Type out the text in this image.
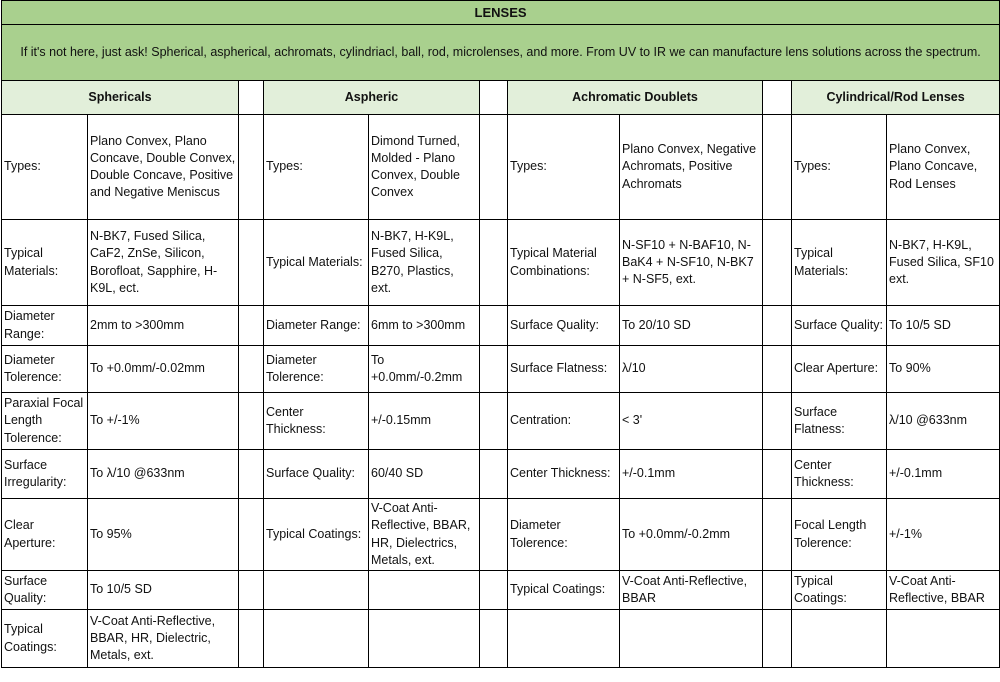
LENSES										
If it's not here, just ask! Spherical, aspherical, achromats, cylindriacl, ball, rod, microlenses, and more. From UV to IR we can manufacture lens solutions across the spectrum.										
Sphericals			Aspheric			Achromatic Doublets			Cylindrical/Rod Lenses	
Types:	Plano Convex, Plano Concave, Double Convex, Double Concave, Positive and Negative Meniscus		Types:	Dimond Turned, Molded - Plano Convex, Double Convex		Types:	Plano Convex, Negative Achromats, Positive Achromats		Types:	Plano Convex, Plano Concave, Rod Lenses
Typical Materials:	N-BK7, Fused Silica, CaF2, ZnSe, Silicon, Borofloat, Sapphire, H-K9L, ect.		Typical Materials:	N-BK7, H-K9L, Fused Silica, B270, Plastics, ext.		Typical Material Combinations:	N-SF10 + N-BAF10, N-BaK4 + N-SF10, N-BK7 + N-SF5, ext.		Typical Materials:	N-BK7, H-K9L, Fused Silica, SF10 ext.
Diameter Range:	2mm to >300mm		Diameter Range:	6mm to >300mm		Surface Quality:	To 20/10 SD		Surface Quality:	To 10/5 SD
Diameter Tolerence:	To +0.0mm/-0.02mm		Diameter Tolerence:	To +0.0mm/-0.2mm		Surface Flatness:	λ/10		Clear Aperture:	To 90%
Paraxial Focal Length Tolerence:	To +/-1%		Center Thickness:	+/-0.15mm		Centration:	< 3'		Surface Flatness:	λ/10 @633nm
Surface Irregularity:	To λ/10 @633nm		Surface Quality:	60/40 SD		Center Thickness:	+/-0.1mm		Center Thickness:	+/-0.1mm
Clear Aperture:	To 95%		Typical Coatings:	V-Coat Anti-Reflective, BBAR, HR, Dielectrics, Metals, ext.		Diameter Tolerence:	To +0.0mm/-0.2mm		Focal Length Tolerence:	+/-1%
Surface Quality:	To 10/5 SD					Typical Coatings:	V-Coat Anti-Reflective, BBAR		Typical Coatings:	V-Coat Anti-Reflective, BBAR
Typical Coatings:	V-Coat Anti-Reflective, BBAR, HR, Dielectric, Metals, ext.									
